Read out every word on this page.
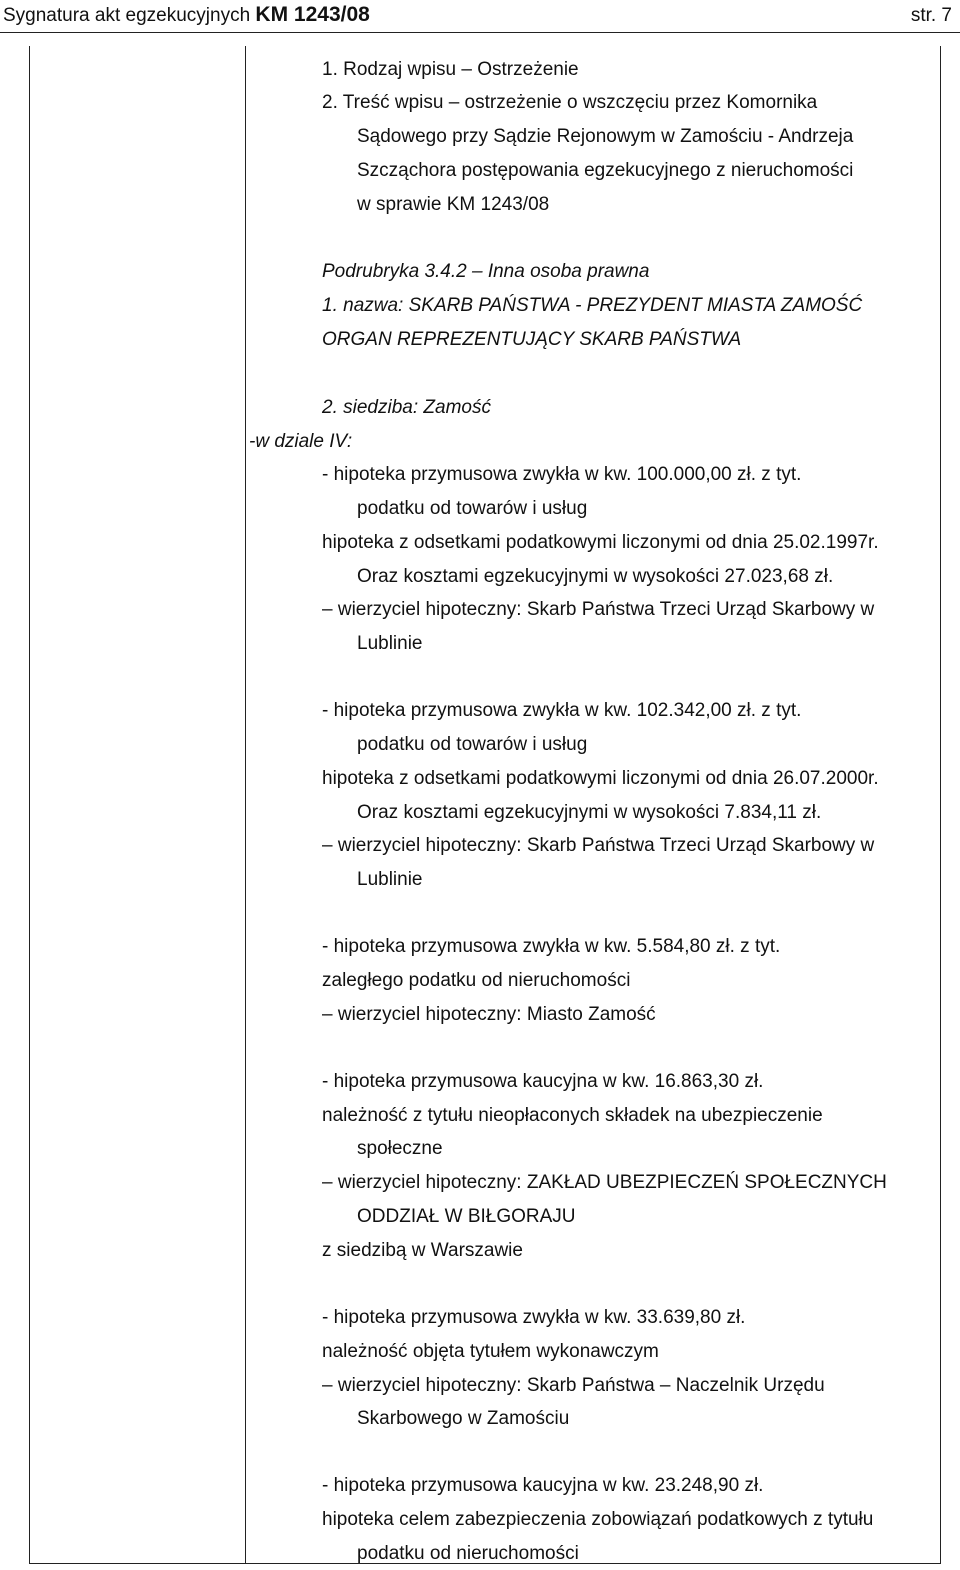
Sygnatura akt egzekucyjnych KM 1243/08	str. 7
1. Rodzaj wpisu – Ostrzeżenie
2. Treść wpisu – ostrzeżenie o wszczęciu przez Komornika
Sądowego przy Sądzie Rejonowym w Zamościu - Andrzeja
Szcząchora postępowania egzekucyjnego z nieruchomości
w sprawie KM 1243/08
Podrubryka 3.4.2 – Inna osoba prawna
1. nazwa: SKARB PAŃSTWA - PREZYDENT MIASTA ZAMOŚĆ
ORGAN REPREZENTUJĄCY SKARB PAŃSTWA
2. siedziba: Zamość
-w dziale IV:
- hipoteka przymusowa zwykła w kw. 100.000,00 zł. z tyt.
podatku od towarów i usług
hipoteka z odsetkami podatkowymi liczonymi od dnia 25.02.1997r.
Oraz kosztami egzekucyjnymi w wysokości 27.023,68 zł.
– wierzyciel hipoteczny: Skarb Państwa Trzeci Urząd Skarbowy w
Lublinie
- hipoteka przymusowa zwykła w kw. 102.342,00 zł. z tyt.
podatku od towarów i usług
hipoteka z odsetkami podatkowymi liczonymi od dnia 26.07.2000r.
Oraz kosztami egzekucyjnymi w wysokości 7.834,11 zł.
– wierzyciel hipoteczny: Skarb Państwa Trzeci Urząd Skarbowy w
Lublinie
- hipoteka przymusowa zwykła w kw. 5.584,80 zł. z tyt.
zaległego podatku od nieruchomości
– wierzyciel hipoteczny: Miasto Zamość
- hipoteka przymusowa kaucyjna w kw. 16.863,30 zł.
należność z tytułu nieopłaconych składek na ubezpieczenie
społeczne
– wierzyciel hipoteczny: ZAKŁAD UBEZPIECZEŃ SPOŁECZNYCH
ODDZIAŁ W BIŁGORAJU
z siedzibą w Warszawie
- hipoteka przymusowa zwykła w kw. 33.639,80 zł.
należność objęta tytułem wykonawczym
– wierzyciel hipoteczny: Skarb Państwa – Naczelnik Urzędu
Skarbowego w Zamościu
- hipoteka przymusowa kaucyjna w kw. 23.248,90 zł.
hipoteka celem zabezpieczenia zobowiązań podatkowych z tytułu
podatku od nieruchomości
